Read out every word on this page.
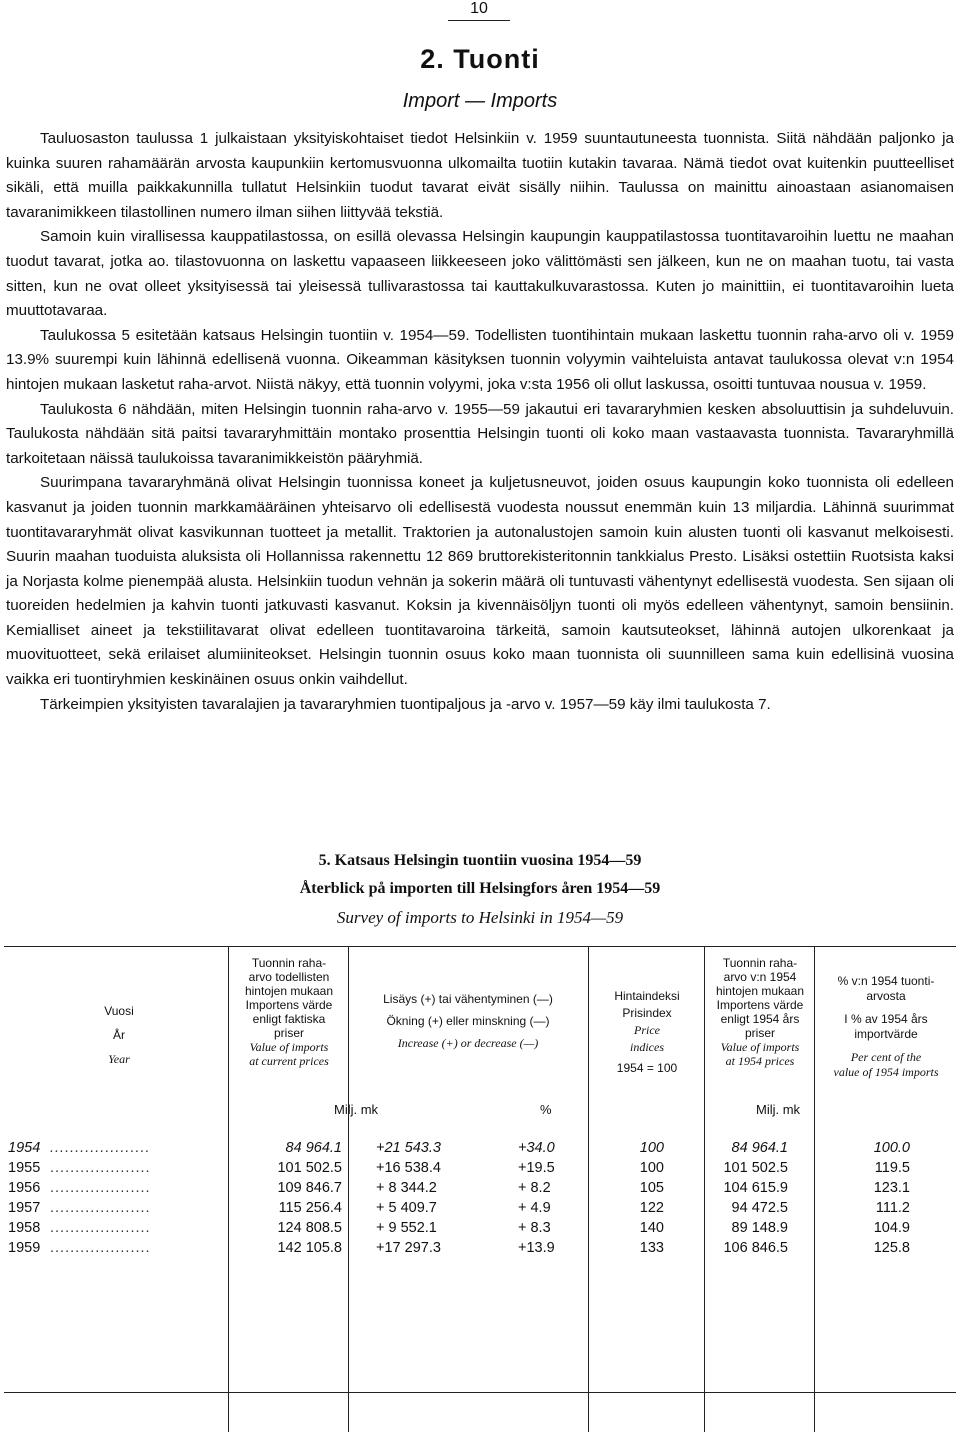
10
2. Tuonti
Import — Imports

Tauluosaston taulussa 1 julkaistaan yksityiskohtaiset tiedot Helsinkiin v. 1959 suuntautuneesta tuonnista. Siitä nähdään paljonko ja kuinka suuren rahamäärän arvosta kaupunkiin kertomusvuonna ulkomailta tuotiin kutakin tavaraa. Nämä tiedot ovat kuitenkin puutteelliset sikäli, että muilla paikkakunnilla tullatut Helsinkiin tuodut tavarat eivät sisälly niihin. Taulussa on mainittu ainoastaan asianomaisen tavaranimikkeen tilastollinen numero ilman siihen liittyvää tekstiä.

Samoin kuin virallisessa kauppatilastossa, on esillä olevassa Helsingin kaupungin kauppatilastossa tuontitavaroihin luettu ne maahan tuodut tavarat, jotka ao. tilastovuonna on laskettu vapaaseen liikkeeseen joko välittömästi sen jälkeen, kun ne on maahan tuotu, tai vasta sitten, kun ne ovat olleet yksityisessä tai yleisessä tullivarastossa tai kauttakulkuvarastossa. Kuten jo mainittiin, ei tuontitavaroihin lueta muuttotavaraa.

Taulukossa 5 esitetään katsaus Helsingin tuontiin v. 1954—59. Todellisten tuontihintain mukaan laskettu tuonnin raha-arvo oli v. 1959 13.9% suurempi kuin lähinnä edellisenä vuonna. Oikeamman käsityksen tuonnin volyymin vaihteluista antavat taulukossa olevat v:n 1954 hintojen mukaan lasketut raha-arvot. Niistä näkyy, että tuonnin volyymi, joka v:sta 1956 oli ollut laskussa, osoitti tuntuvaa nousua v. 1959.

Taulukosta 6 nähdään, miten Helsingin tuonnin raha-arvo v. 1955—59 jakautui eri tavararyhmien kesken absoluuttisin ja suhdeluvuin. Taulukosta nähdään sitä paitsi tavararyhmittäin montako prosenttia Helsingin tuonti oli koko maan vastaavasta tuonnista. Tavararyhmillä tarkoitetaan näissä taulukoissa tavaranimikkeistön pääryhmiä.

Suurimpana tavararyhmänä olivat Helsingin tuonnissa koneet ja kuljetusneuvot, joiden osuus kaupungin koko tuonnista oli edelleen kasvanut ja joiden tuonnin markkamääräinen yhteisarvo oli edellisestä vuodesta noussut enemmän kuin 13 miljardia. Lähinnä suurimmat tuontitavararyhmät olivat kasvikunnan tuotteet ja metallit. Traktorien ja autonalustojen samoin kuin alusten tuonti oli kasvanut melkoisesti. Suurin maahan tuoduista aluksista oli Hollannissa rakennettu 12 869 bruttorekisteritonnin tankkialus Presto. Lisäksi ostettiin Ruotsista kaksi ja Norjasta kolme pienempää alusta. Helsinkiin tuodun vehnän ja sokerin määrä oli tuntuvasti vähentynyt edellisestä vuodesta. Sen sijaan oli tuoreiden hedelmien ja kahvin tuonti jatkuvasti kasvanut. Koksin ja kivennäisöljyn tuonti oli myös edelleen vähentynyt, samoin bensiinin. Kemialliset aineet ja tekstiilitavarat olivat edelleen tuontitavaroina tärkeitä, samoin kautsuteokset, lähinnä autojen ulkorenkaat ja muovituotteet, sekä erilaiset alumiiniteokset. Helsingin tuonnin osuus koko maan tuonnista oli suunnilleen sama kuin edellisinä vuosina vaikka eri tuontiryhmien keskinäinen osuus onkin vaihdellut.

Tärkeimpien yksityisten tavaralajien ja tavararyhmien tuontipaljous ja -arvo v. 1957—59 käy ilmi taulukosta 7.

5. Katsaus Helsingin tuontiin vuosina 1954—59
Återblick på importen till Helsingfors åren 1954—59
Survey of imports to Helsinki in 1954—59
Vuosi
År
Year
Tuonnin raha-
arvo todellisten
hintojen mukaan
Importens värde
enligt faktiska
priser
Value of imports
at current prices
Lisäys (+) tai vähentyminen (—)
Ökning (+) eller minskning (—)
Increase (+) or decrease (—)
Hintaindeksi
Prisindex
Price
indices
1954 = 100
Tuonnin raha-
arvo v:n 1954
hintojen mukaan
Importens värde
enligt 1954 års
priser
Value of imports
at 1954 prices
% v:n 1954 tuonti-
arvosta
I % av 1954 års
importvärde
Per cent of the
value of 1954 imports
Milj. mk	%	Milj. mk
1954 ....................	84 964.1 +21 543.3	+34.0	100	84 964.1	100.0
1955 ....................	101 502.5 +16 538.4	+19.5	100	101 502.5	119.5
1956 ....................	109 846.7 + 8 344.2	+ 8.2	105	104 615.9	123.1
1957 ....................	115 256.4 + 5 409.7	+ 4.9	122	94 472.5	111.2
1958 ....................	124 808.5 + 9 552.1	+ 8.3	140	89 148.9	104.9
1959 ....................	142 105.8 +17 297.3	+13.9	133	106 846.5	125.8
